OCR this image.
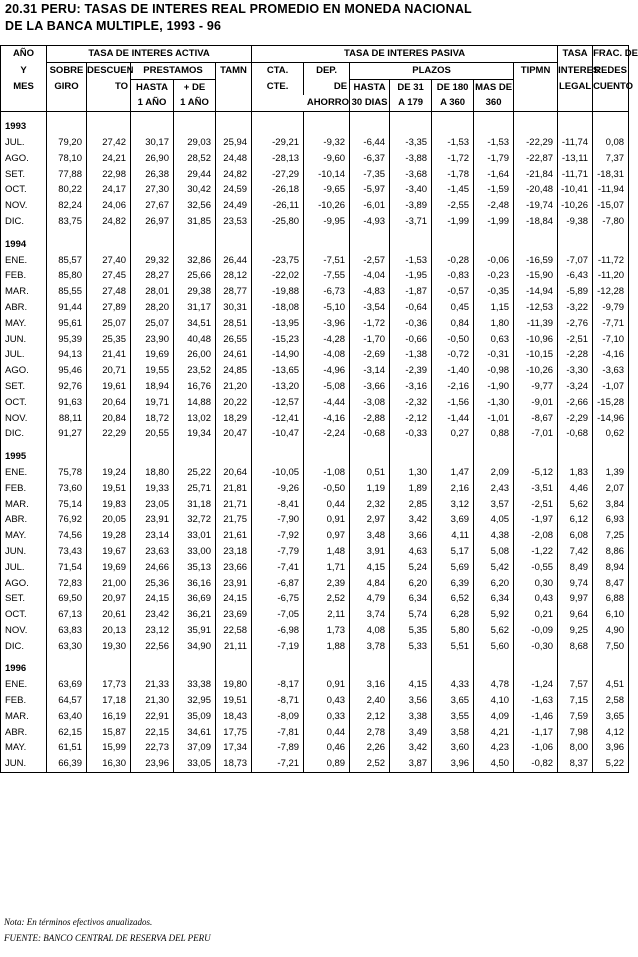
20.31 PERU: TASAS DE INTERES REAL PROMEDIO EN MONEDA NACIONAL
DE LA BANCA MULTIPLE, 1993 - 96
AÑO	TASA DE INTERES ACTIVA					TASA DE INTERES PASIVA							TASA	FRAC. DE
Y	SOBRE	DESCUEN	PRESTAMOS		TAMN	CTA.	DEP.	PLAZOS				TIPMN	INTERES	REDES
MES	GIRO	TO	HASTA	+ DE		CTE.	DE	HASTA	DE 31	DE 180	MAS DE		LEGAL	CUENTO
			1 AÑO	1 AÑO			AHORRO	30 DIAS	A 179	A 360	360			

1993														
JUL.	79,20	27,42	30,17	29,03	25,94	-29,21	-9,32	-6,44	-3,35	-1,53	-1,53	-22,29	-11,74	0,08
AGO.	78,10	24,21	26,90	28,52	24,48	-28,13	-9,60	-6,37	-3,88	-1,72	-1,79	-22,87	-13,11	7,37
SET.	77,88	22,98	26,38	29,44	24,82	-27,29	-10,14	-7,35	-3,68	-1,78	-1,64	-21,84	-11,71	-18,31
OCT.	80,22	24,17	27,30	30,42	24,59	-26,18	-9,65	-5,97	-3,40	-1,45	-1,59	-20,48	-10,41	-11,94
NOV.	82,24	24,06	27,67	32,56	24,49	-26,11	-10,26	-6,01	-3,89	-2,55	-2,48	-19,74	-10,26	-15,07
DIC.	83,75	24,82	26,97	31,85	23,53	-25,80	-9,95	-4,93	-3,71	-1,99	-1,99	-18,84	-9,38	-7,80

1994														
ENE.	85,57	27,40	29,32	32,86	26,44	-23,75	-7,51	-2,57	-1,53	-0,28	-0,06	-16,59	-7,07	-11,72
FEB.	85,80	27,45	28,27	25,66	28,12	-22,02	-7,55	-4,04	-1,95	-0,83	-0,23	-15,90	-6,43	-11,20
MAR.	85,55	27,48	28,01	29,38	28,77	-19,88	-6,73	-4,83	-1,87	-0,57	-0,35	-14,94	-5,89	-12,28
ABR.	91,44	27,89	28,20	31,17	30,31	-18,08	-5,10	-3,54	-0,64	0,45	1,15	-12,53	-3,22	-9,79
MAY.	95,61	25,07	25,07	34,51	28,51	-13,95	-3,96	-1,72	-0,36	0,84	1,80	-11,39	-2,76	-7,71
JUN.	95,39	25,35	23,90	40,48	26,55	-15,23	-4,28	-1,70	-0,66	-0,50	0,63	-10,96	-2,51	-7,10
JUL.	94,13	21,41	19,69	26,00	24,61	-14,90	-4,08	-2,69	-1,38	-0,72	-0,31	-10,15	-2,28	-4,16
AGO.	95,46	20,71	19,55	23,52	24,85	-13,65	-4,96	-3,14	-2,39	-1,40	-0,98	-10,26	-3,30	-3,63
SET.	92,76	19,61	18,94	16,76	21,20	-13,20	-5,08	-3,66	-3,16	-2,16	-1,90	-9,77	-3,24	-1,07
OCT.	91,63	20,64	19,71	14,88	20,22	-12,57	-4,44	-3,08	-2,32	-1,56	-1,30	-9,01	-2,66	-15,28
NOV.	88,11	20,84	18,72	13,02	18,29	-12,41	-4,16	-2,88	-2,12	-1,44	-1,01	-8,67	-2,29	-14,96
DIC.	91,27	22,29	20,55	19,34	20,47	-10,47	-2,24	-0,68	-0,33	0,27	0,88	-7,01	-0,68	0,62

1995														
ENE.	75,78	19,24	18,80	25,22	20,64	-10,05	-1,08	0,51	1,30	1,47	2,09	-5,12	1,83	1,39
FEB.	73,60	19,51	19,33	25,71	21,81	-9,26	-0,50	1,19	1,89	2,16	2,43	-3,51	4,46	2,07
MAR.	75,14	19,83	23,05	31,18	21,71	-8,41	0,44	2,32	2,85	3,12	3,57	-2,51	5,62	3,84
ABR.	76,92	20,05	23,91	32,72	21,75	-7,90	0,91	2,97	3,42	3,69	4,05	-1,97	6,12	6,93
MAY.	74,56	19,28	23,14	33,01	21,61	-7,92	0,97	3,48	3,66	4,11	4,38	-2,08	6,08	7,25
JUN.	73,43	19,67	23,63	33,00	23,18	-7,79	1,48	3,91	4,63	5,17	5,08	-1,22	7,42	8,86
JUL.	71,54	19,69	24,66	35,13	23,66	-7,41	1,71	4,15	5,24	5,69	5,42	-0,55	8,49	8,94
AGO.	72,83	21,00	25,36	36,16	23,91	-6,87	2,39	4,84	6,20	6,39	6,20	0,30	9,74	8,47
SET.	69,50	20,97	24,15	36,69	24,15	-6,75	2,52	4,79	6,34	6,52	6,34	0,43	9,97	6,88
OCT.	67,13	20,61	23,42	36,21	23,69	-7,05	2,11	3,74	5,74	6,28	5,92	0,21	9,64	6,10
NOV.	63,83	20,13	23,12	35,91	22,58	-6,98	1,73	4,08	5,35	5,80	5,62	-0,09	9,25	4,90
DIC.	63,30	19,30	22,56	34,90	21,11	-7,19	1,88	3,78	5,33	5,51	5,60	-0,30	8,68	7,50

1996														
ENE.	63,69	17,73	21,33	33,38	19,80	-8,17	0,91	3,16	4,15	4,33	4,78	-1,24	7,57	4,51
FEB.	64,57	17,18	21,30	32,95	19,51	-8,71	0,43	2,40	3,56	3,65	4,10	-1,63	7,15	2,58
MAR.	63,40	16,19	22,91	35,09	18,43	-8,09	0,33	2,12	3,38	3,55	4,09	-1,46	7,59	3,65
ABR.	62,15	15,87	22,15	34,61	17,75	-7,81	0,44	2,78	3,49	3,58	4,21	-1,17	7,98	4,12
MAY.	61,51	15,99	22,73	37,09	17,34	-7,89	0,46	2,26	3,42	3,60	4,23	-1,06	8,00	3,96
JUN.	66,39	16,30	23,96	33,05	18,73	-7,21	0,89	2,52	3,87	3,96	4,50	-0,82	8,37	5,22
Nota: En términos efectivos anualizados.
FUENTE: BANCO CENTRAL DE RESERVA DEL PERU
